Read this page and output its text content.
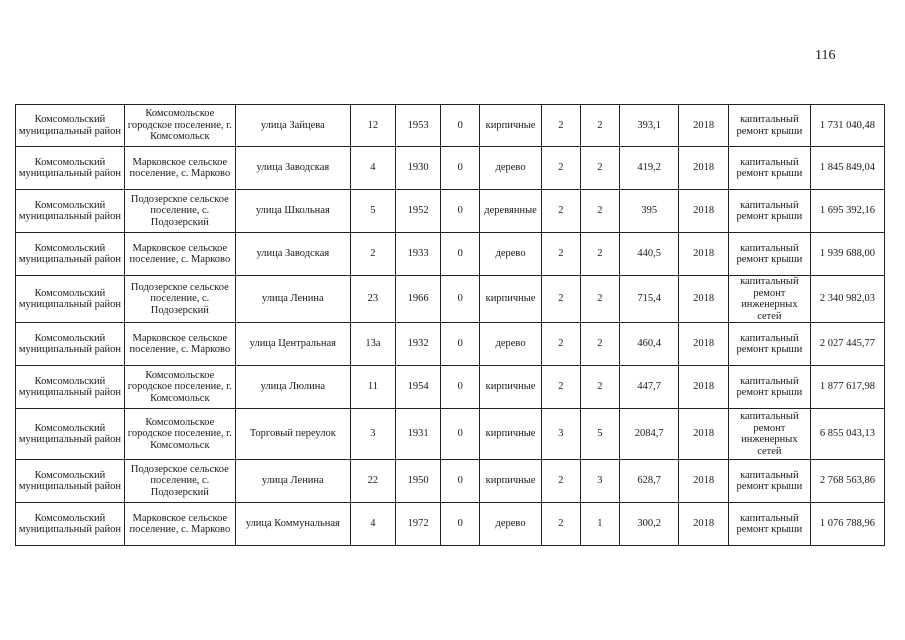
116
Комсомольский муниципальный район	Комсомольское городское поселение, г. Комсомольск	улица Зайцева	12	1953	0	кирпичные	2	2	393,1	2018	капитальный ремонт крыши	1 731 040,48
Комсомольский муниципальный район	Марковское сельское поселение, с. Марково	улица Заводская	4	1930	0	дерево	2	2	419,2	2018	капитальный ремонт крыши	1 845 849,04
Комсомольский муниципальный район	Подозерское сельское поселение, с. Подозерский	улица Школьная	5	1952	0	деревянные	2	2	395	2018	капитальный ремонт крыши	1 695 392,16
Комсомольский муниципальный район	Марковское сельское поселение, с. Марково	улица Заводская	2	1933	0	дерево	2	2	440,5	2018	капитальный ремонт крыши	1 939 688,00
Комсомольский муниципальный район	Подозерское сельское поселение, с. Подозерский	улица Ленина	23	1966	0	кирпичные	2	2	715,4	2018	капитальный ремонт инженерных сетей	2 340 982,03
Комсомольский муниципальный район	Марковское сельское поселение, с. Марково	улица Центральная	13а	1932	0	дерево	2	2	460,4	2018	капитальный ремонт крыши	2 027 445,77
Комсомольский муниципальный район	Комсомольское городское поселение, г. Комсомольск	улица Люлина	11	1954	0	кирпичные	2	2	447,7	2018	капитальный ремонт крыши	1 877 617,98
Комсомольский муниципальный район	Комсомольское городское поселение, г. Комсомольск	Торговый переулок	3	1931	0	кирпичные	3	5	2084,7	2018	капитальный ремонт инженерных сетей	6 855 043,13
Комсомольский муниципальный район	Подозерское сельское поселение, с. Подозерский	улица Ленина	22	1950	0	кирпичные	2	3	628,7	2018	капитальный ремонт крыши	2 768 563,86
Комсомольский муниципальный район	Марковское сельское поселение, с. Марково	улица Коммунальная	4	1972	0	дерево	2	1	300,2	2018	капитальный ремонт крыши	1 076 788,96
